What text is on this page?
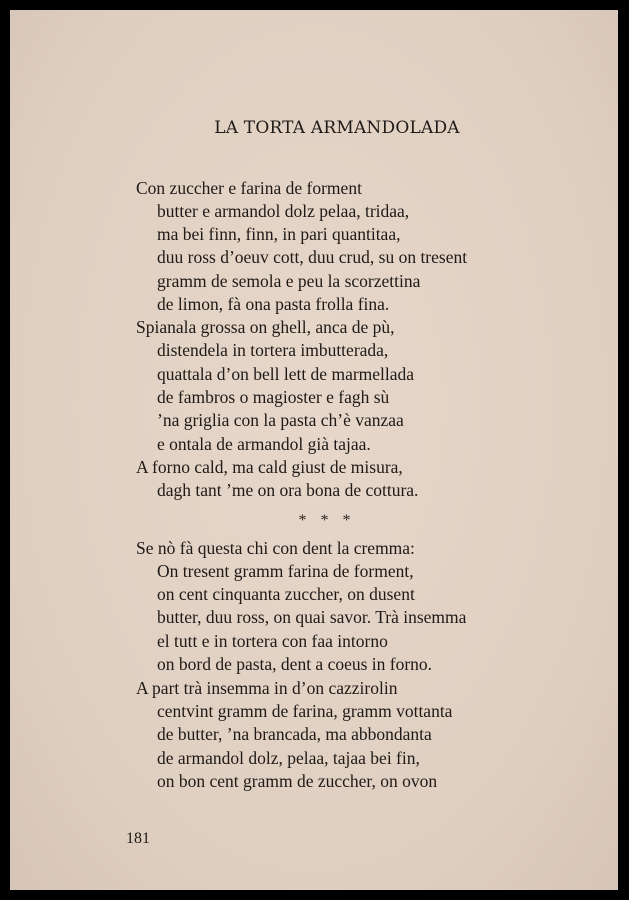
LA TORTA ARMANDOLADA
Con zuccher e farina de forment
butter e armandol dolz pelaa, tridaa,
ma bei finn, finn, in pari quantitaa,
duu ross d’oeuv cott, duu crud, su on tresent
gramm de semola e peu la scorzettina
de limon, fà ona pasta frolla fina.
Spianala grossa on ghell, anca de pù,
distendela in tortera imbutterada,
quattala d’on bell lett de marmellada
de fambros o magioster e fagh sù
’na griglia con la pasta ch’è vanzaa
e ontala de armandol già tajaa.
A forno cald, ma cald giust de misura,
dagh tant ’me on ora bona de cottura.
* * *
Se nò fà questa chi con dent la cremma:
On tresent gramm farina de forment,
on cent cinquanta zuccher, on dusent
butter, duu ross, on quai savor. Trà insemma
el tutt e in tortera con faa intorno
on bord de pasta, dent a coeus in forno.
A part trà insemma in d’on cazzirolin
centvint gramm de farina, gramm vottanta
de butter, ’na brancada, ma abbondanta
de armandol dolz, pelaa, tajaa bei fin,
on bon cent gramm de zuccher, on ovon
181
